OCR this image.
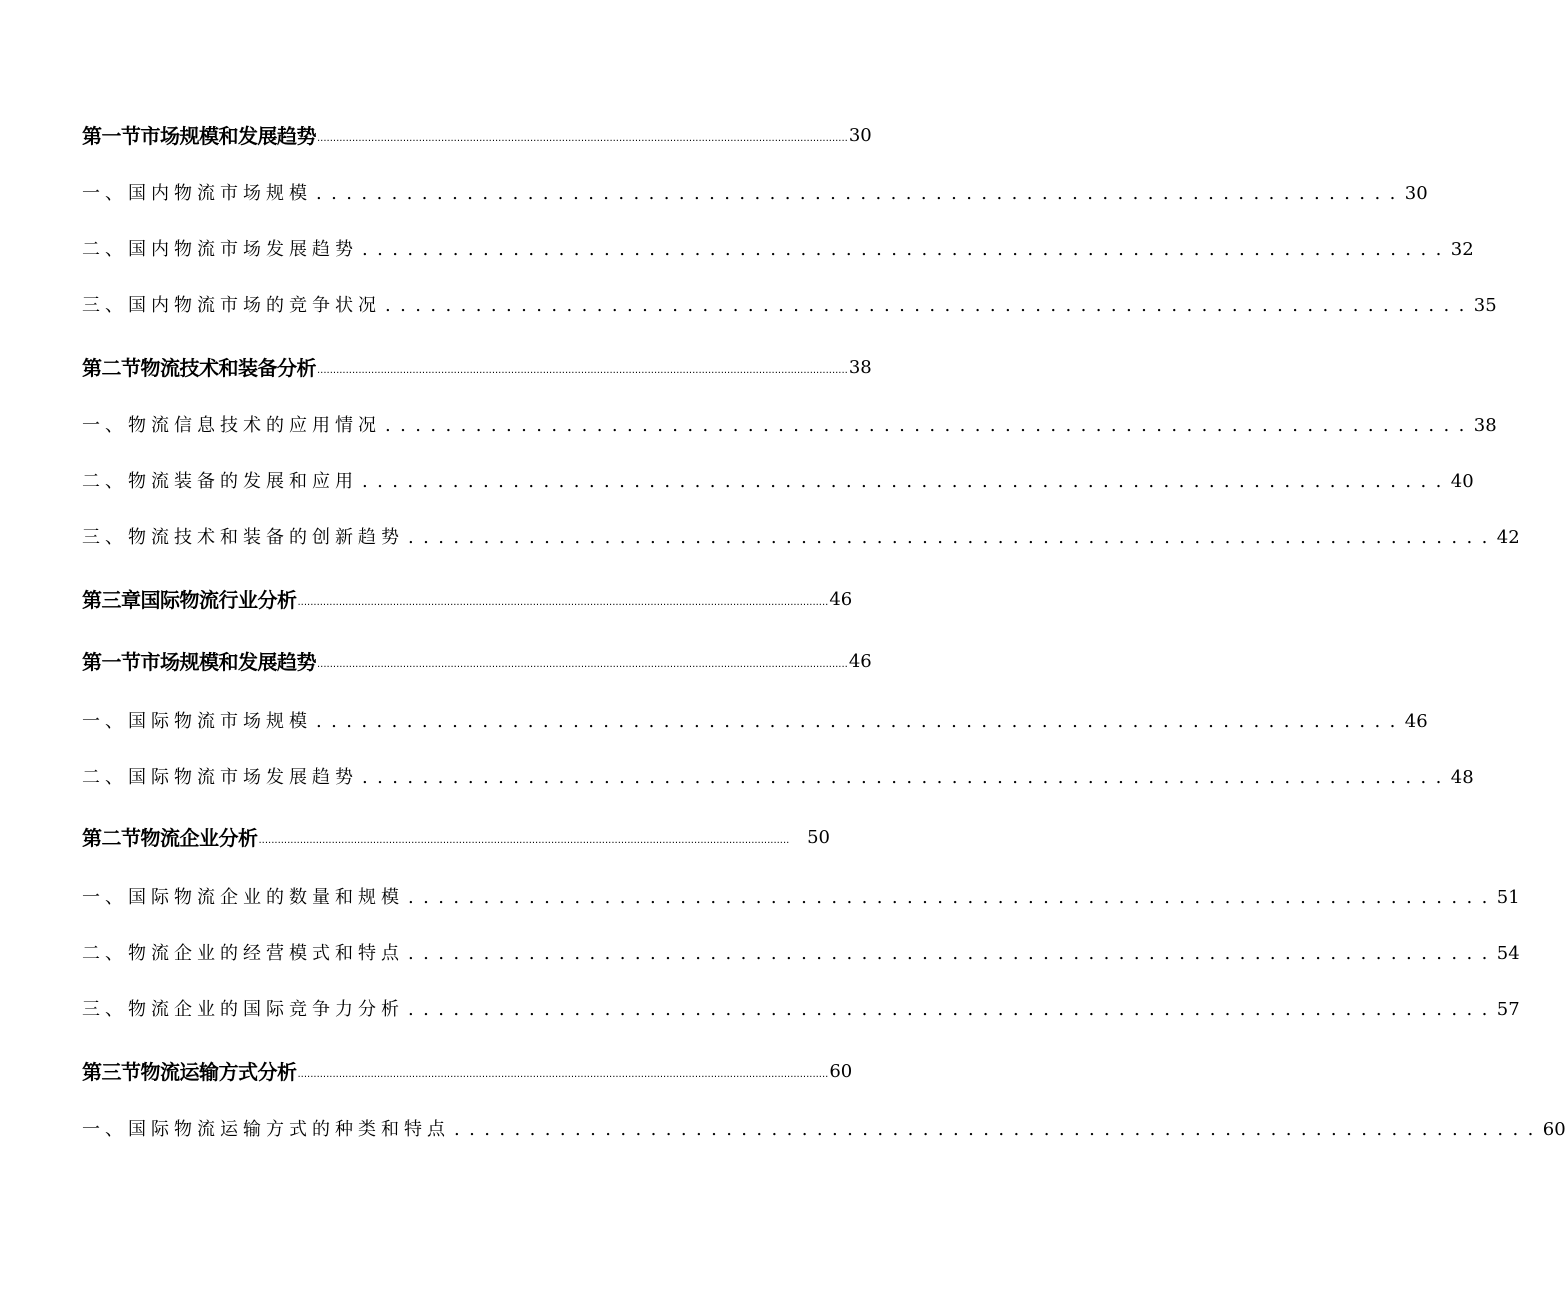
第一节市场规模和发展趋势 ....................................................................................................................................................................... 30
一、国内物流市场规模 ........................................................................ 30
二、国内物流市场发展趋势 ........................................................................ 32
三、国内物流市场的竞争状况 ........................................................................ 35
第二节物流技术和装备分析 ....................................................................................................................................................................... 38
一、物流信息技术的应用情况 ........................................................................ 38
二、物流装备的发展和应用 ........................................................................ 40
三、物流技术和装备的创新趋势 ........................................................................ 42
第三章国际物流行业分析 ....................................................................................................................................................................... 46
第一节市场规模和发展趋势 ....................................................................................................................................................................... 46
一、国际物流市场规模 ........................................................................ 46
二、国际物流市场发展趋势 ........................................................................ 48
第二节物流企业分析 ....................................................................................................................................................................... 50
一、国际物流企业的数量和规模 ........................................................................ 51
二、物流企业的经营模式和特点 ........................................................................ 54
三、物流企业的国际竞争力分析 ........................................................................ 57
第三节物流运输方式分析 ....................................................................................................................................................................... 60
一、国际物流运输方式的种类和特点 ........................................................................ 60
